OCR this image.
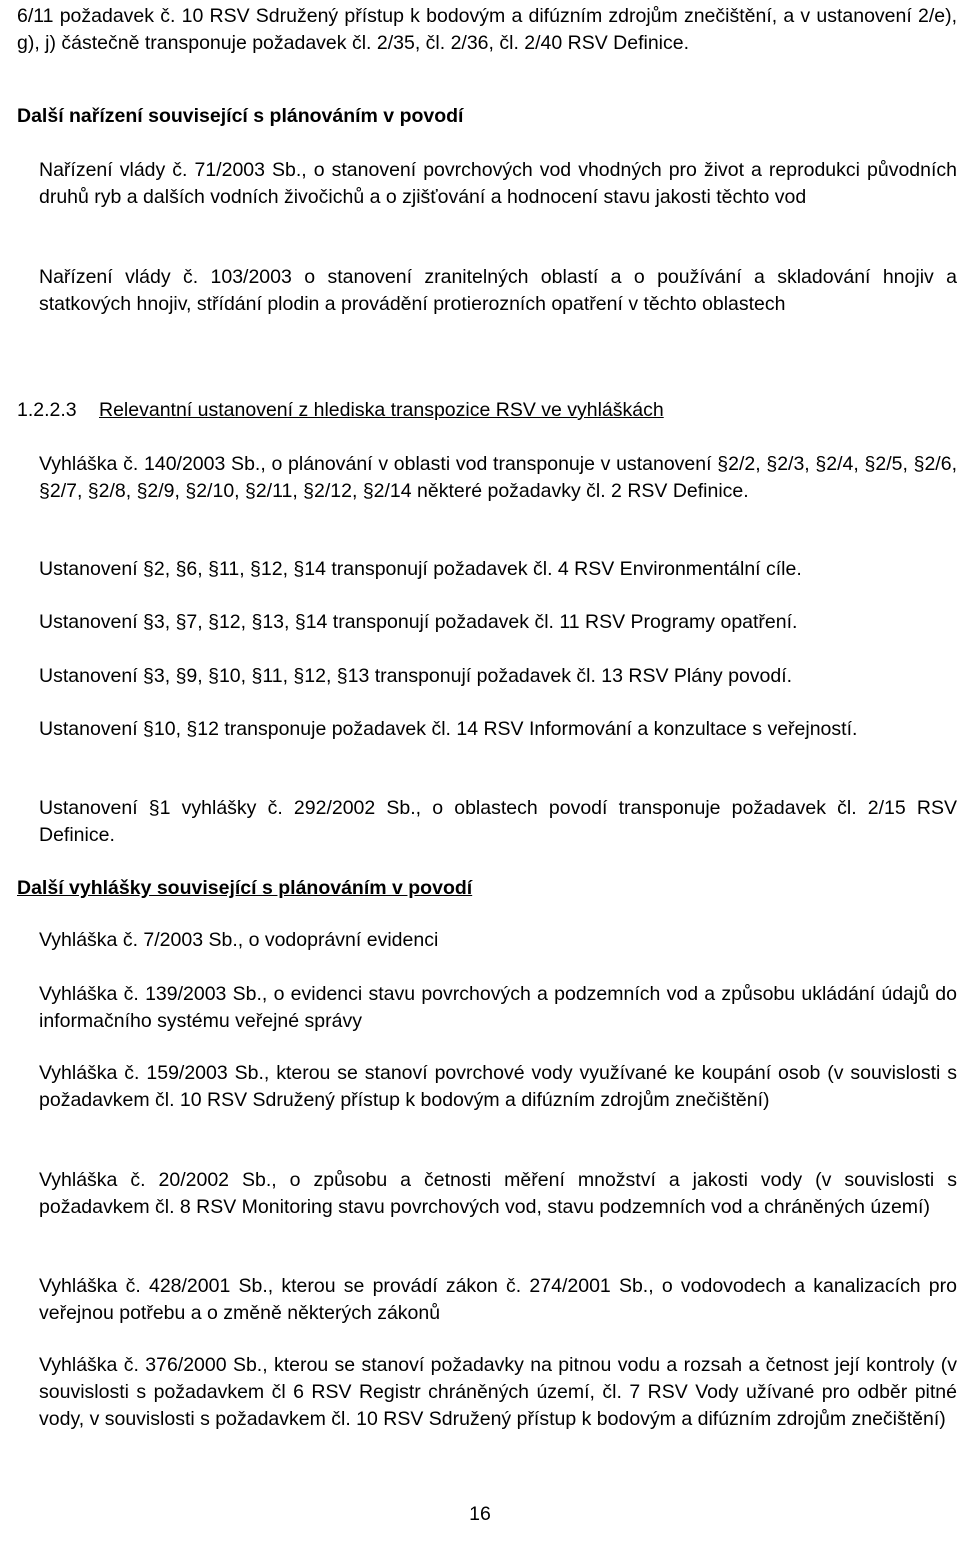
6/11 požadavek č. 10 RSV Sdružený přístup k bodovým a difúzním zdrojům znečištění, a v ustanovení 2/e), g), j) částečně transponuje požadavek čl. 2/35, čl. 2/36, čl. 2/40 RSV Definice.

Další nařízení související s plánováním v povodí

Nařízení vlády č. 71/2003 Sb., o stanovení povrchových vod vhodných pro život a reprodukci původních druhů ryb a dalších vodních živočichů a o zjišťování a hodnocení stavu jakosti těchto vod

Nařízení vlády č. 103/2003 o stanovení zranitelných oblastí a o používání a skladování hnojiv a statkových hnojiv, střídání plodin a provádění protierozních opatření v těchto oblastech

1.2.2.3 Relevantní ustanovení z hlediska transpozice RSV ve vyhláškách

Vyhláška č. 140/2003 Sb., o plánování v oblasti vod transponuje v ustanovení §2/2, §2/3, §2/4, §2/5, §2/6, §2/7, §2/8, §2/9, §2/10, §2/11, §2/12, §2/14 některé požadavky čl. 2 RSV Definice.

Ustanovení §2, §6, §11, §12, §14 transponují požadavek čl. 4 RSV Environmentální cíle.

Ustanovení §3, §7, §12, §13, §14 transponují požadavek čl. 11 RSV Programy opatření.

Ustanovení §3, §9, §10, §11, §12, §13 transponují požadavek čl. 13 RSV Plány povodí.

Ustanovení §10, §12 transponuje požadavek čl. 14 RSV Informování a konzultace s veřejností.

Ustanovení §1 vyhlášky č. 292/2002 Sb., o oblastech povodí transponuje požadavek čl. 2/15 RSV Definice.

Další vyhlášky související s plánováním v povodí

Vyhláška č. 7/2003 Sb., o vodoprávní evidenci

Vyhláška č. 139/2003 Sb., o evidenci stavu povrchových a podzemních vod a způsobu ukládání údajů do informačního systému veřejné správy

Vyhláška č. 159/2003 Sb., kterou se stanoví povrchové vody využívané ke koupání osob (v souvislosti s požadavkem čl. 10 RSV Sdružený přístup k bodovým a difúzním zdrojům znečištění)

Vyhláška č. 20/2002 Sb., o způsobu a četnosti měření množství a jakosti vody (v souvislosti s požadavkem čl. 8 RSV Monitoring stavu povrchových vod, stavu podzemních vod a chráněných území)

Vyhláška č. 428/2001 Sb., kterou se provádí zákon č. 274/2001 Sb., o vodovodech a kanalizacích pro veřejnou potřebu a o změně některých zákonů

Vyhláška č. 376/2000 Sb., kterou se stanoví požadavky na pitnou vodu a rozsah a četnost její kontroly (v souvislosti s požadavkem čl 6 RSV Registr chráněných území, čl. 7 RSV Vody užívané pro odběr pitné vody, v souvislosti s požadavkem čl. 10 RSV Sdružený přístup k bodovým a difúzním zdrojům znečištění)

16
